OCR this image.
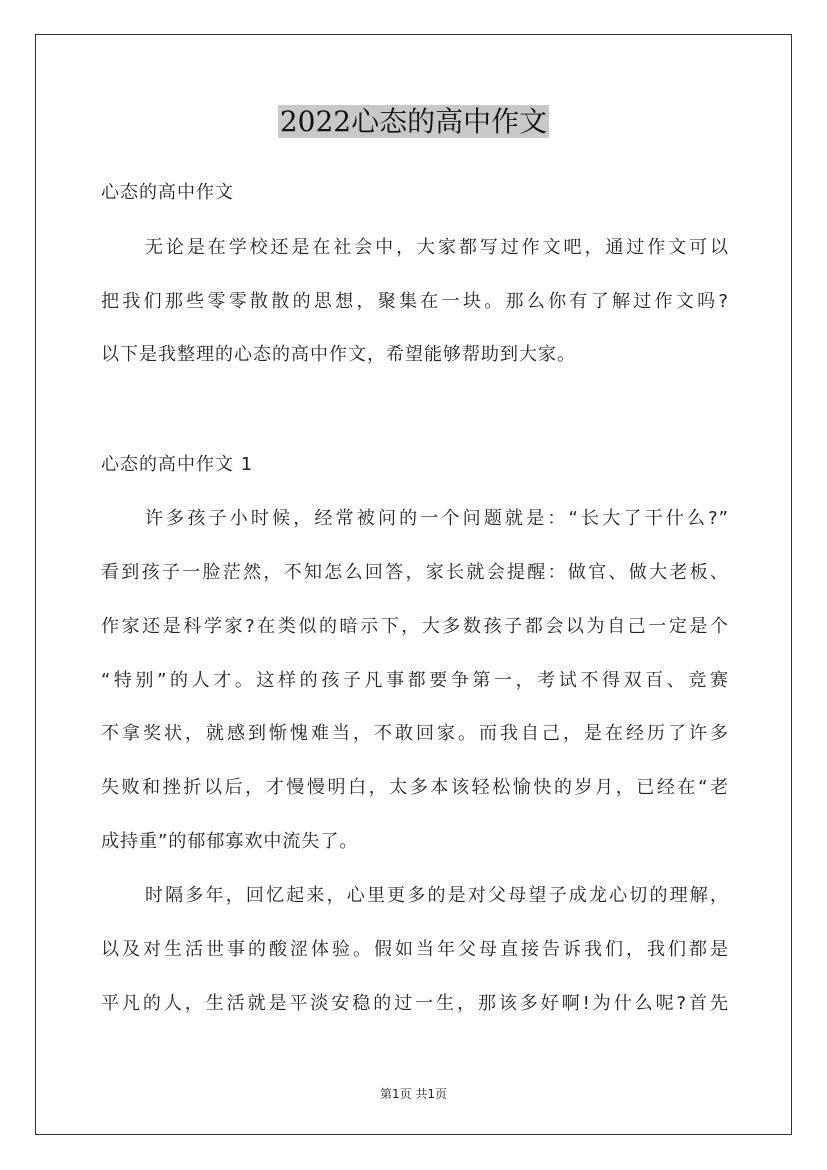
2022心态的高中作文
心态的高中作文
无论是在学校还是在社会中，大家都写过作文吧，通过作文可以
把我们那些零零散散的思想，聚集在一块。那么你有了解过作文吗?
以下是我整理的心态的高中作文，希望能够帮助到大家。
心态的高中作文 1
许多孩子小时候，经常被问的一个问题就是：“长大了干什么?”
看到孩子一脸茫然，不知怎么回答，家长就会提醒：做官、做大老板、
作家还是科学家?在类似的暗示下，大多数孩子都会以为自己一定是个
“特别”的人才。这样的孩子凡事都要争第一，考试不得双百、竞赛
不拿奖状，就感到惭愧难当，不敢回家。而我自己，是在经历了许多
失败和挫折以后，才慢慢明白，太多本该轻松愉快的岁月，已经在“老
成持重”的郁郁寡欢中流失了。
时隔多年，回忆起来，心里更多的是对父母望子成龙心切的理解，
以及对生活世事的酸涩体验。假如当年父母直接告诉我们，我们都是
平凡的人，生活就是平淡安稳的过一生，那该多好啊!为什么呢?首先
第1页 共1页
